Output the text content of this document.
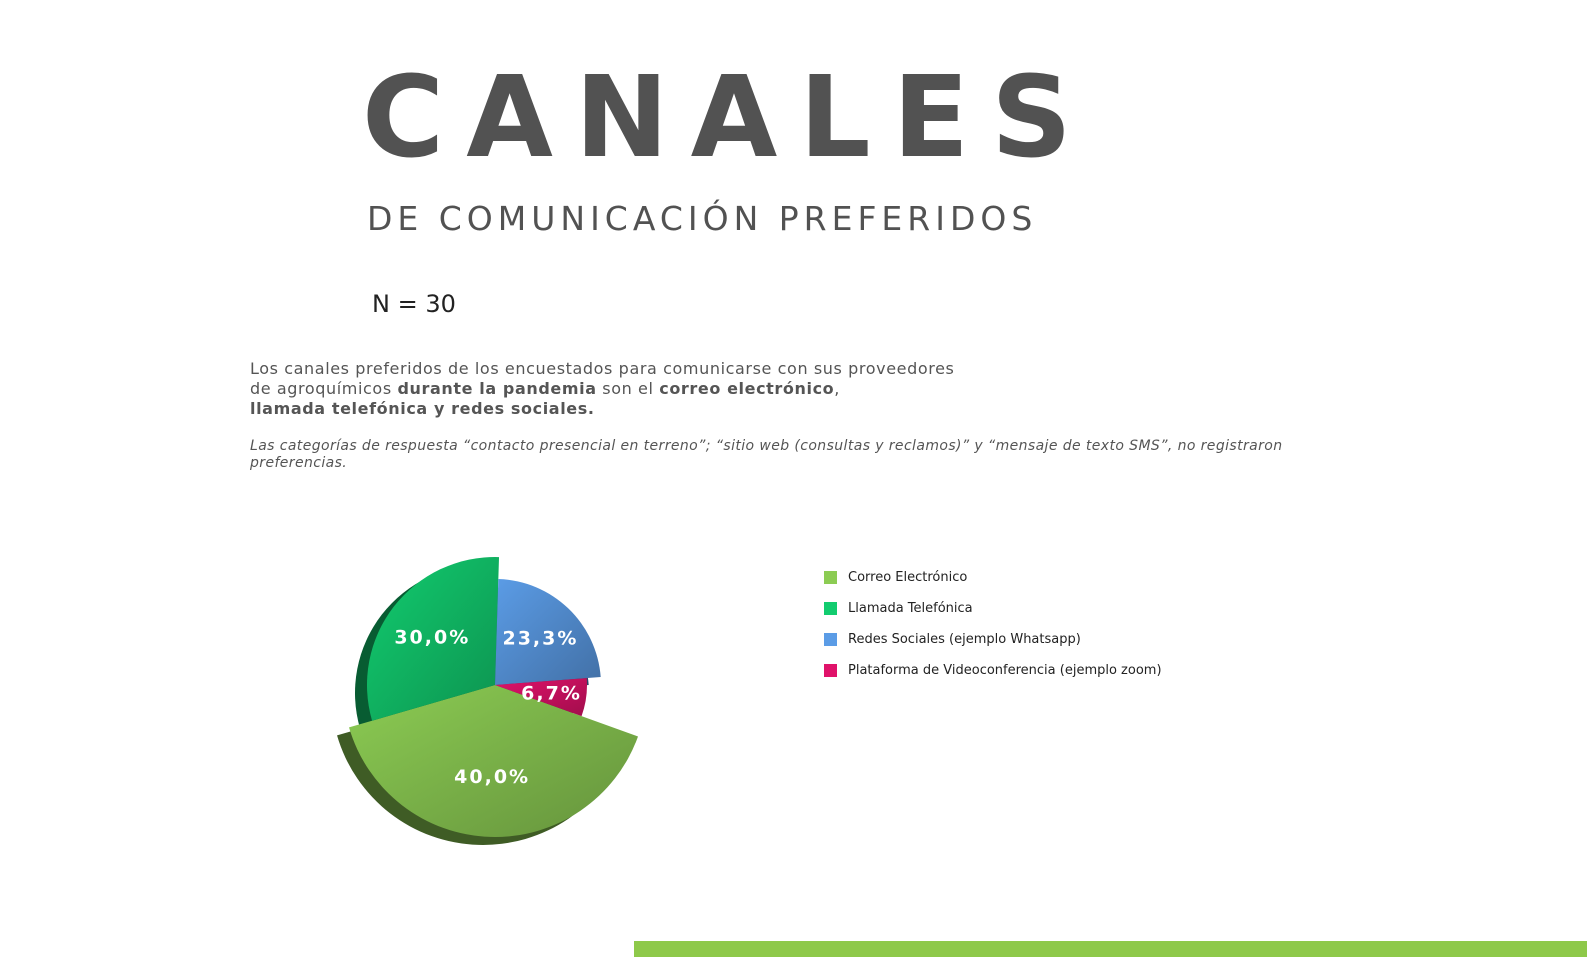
CANALES
DE COMUNICACIÓN PREFERIDOS
N = 30

Los canales preferidos de los encuestados para comunicarse con sus proveedores
de agroquímicos durante la pandemia son el correo electrónico,
llamada telefónica y redes sociales.

Las categorías de respuesta “contacto presencial en terreno”; “sitio web (consultas y reclamos)” y “mensaje de texto SMS”, no registraron preferencias.

40,0%
30,0% 23,3%
6,7%
Correo Electrónico
Llamada Telefónica
Redes Sociales (ejemplo Whatsapp)
Plataforma de Videoconferencia (ejemplo zoom)
